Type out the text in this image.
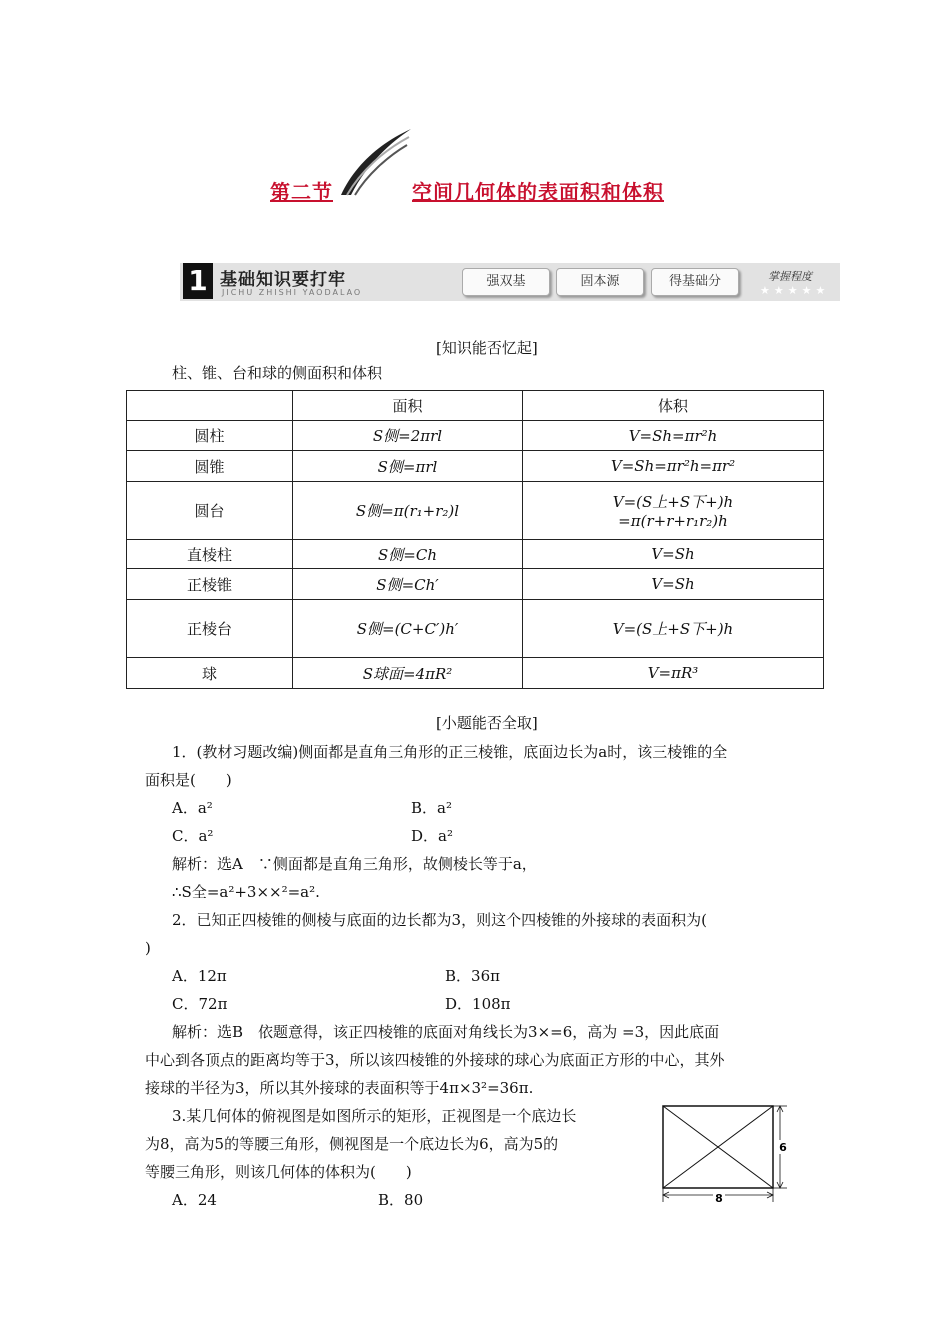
第二节	空间几何体的表面积和体积
1 基础知识要打牢
JICHU ZHISHI YAODALAO
强双基	固本源	得基础分	掌握程度
★★★★★
[知识能否忆起]
柱、锥、台和球的侧面积和体积
	面积	体积
圆柱	S侧=2πrl	V=Sh=πr²h
圆锥	S侧=πrl	V=Sh=πr²h=πr²
圆台	S侧=π(r₁+r₂)l	V=(S上+S下+)h
=π(r+r+r₁r₂)h

直棱柱	S侧=Ch	V=Sh
正棱锥	S侧=Ch′	V=Sh
正棱台	S侧=(C+C′)h′	V=(S上+S下+)h
球	S球面=4πR²	V=πR³
[小题能否全取]
1．(教材习题改编)侧面都是直角三角形的正三棱锥，底面边长为a时，该三棱锥的全
面积是(　　)
A．a²	B．a²
C．a²	D．a²
解析：选A　∵侧面都是直角三角形，故侧棱长等于a，
∴S全=a²+3××²=a².
2．已知正四棱锥的侧棱与底面的边长都为3，则这个四棱锥的外接球的表面积为(
)
A．12π	B．36π
C．72π	D．108π
解析：选B　依题意得，该正四棱锥的底面对角线长为3×=6，高为 =3，因此底面
中心到各顶点的距离均等于3，所以该四棱锥的外接球的球心为底面正方形的中心，其外
接球的半径为3，所以其外接球的表面积等于4π×3²=36π.
3.某几何体的俯视图是如图所示的矩形，正视图是一个底边长
为8，高为5的等腰三角形，侧视图是一个底边长为6，高为5的
等腰三角形，则该几何体的体积为(　　)
A．24	B．80	8
6
